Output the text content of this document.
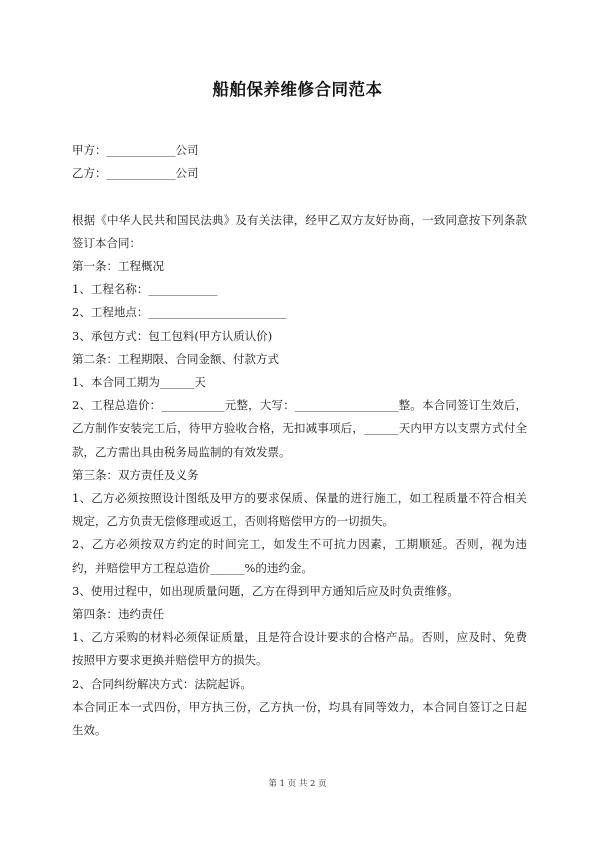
船舶保养维修合同范本

甲方：____________公司

乙方：____________公司

根据《中华人民共和国民法典》及有关法律，经甲乙双方友好协商，一致同意按下列条款签订本合同：

第一条：工程概况

1、工程名称：____________

2、工程地点：________________________

3、承包方式：包工包料(甲方认质认价)

第二条：工程期限、合同金额、付款方式

1、本合同工期为______天

2、工程总造价：___________元整，大写：__________________整。本合同签订生效后，乙方制作安装完工后，待甲方验收合格，无扣减事项后，______天内甲方以支票方式付全款，乙方需出具由税务局监制的有效发票。

第三条：双方责任及义务

1、乙方必须按照设计图纸及甲方的要求保质、保量的进行施工，如工程质量不符合相关规定，乙方负责无偿修理或返工，否则将赔偿甲方的一切损失。

2、乙方必须按双方约定的时间完工，如发生不可抗力因素，工期顺延。否则，视为违约，并赔偿甲方工程总造价______%的违约金。

3、使用过程中，如出现质量问题，乙方在得到甲方通知后应及时负责维修。

第四条：违约责任

1、乙方采购的材料必须保证质量，且是符合设计要求的合格产品。否则，应及时、免费按照甲方要求更换并赔偿甲方的损失。

2、合同纠纷解决方式：法院起诉。

本合同正本一式四份，甲方执三份，乙方执一份，均具有同等效力，本合同自签订之日起生效。

第 1 页 共 2 页
